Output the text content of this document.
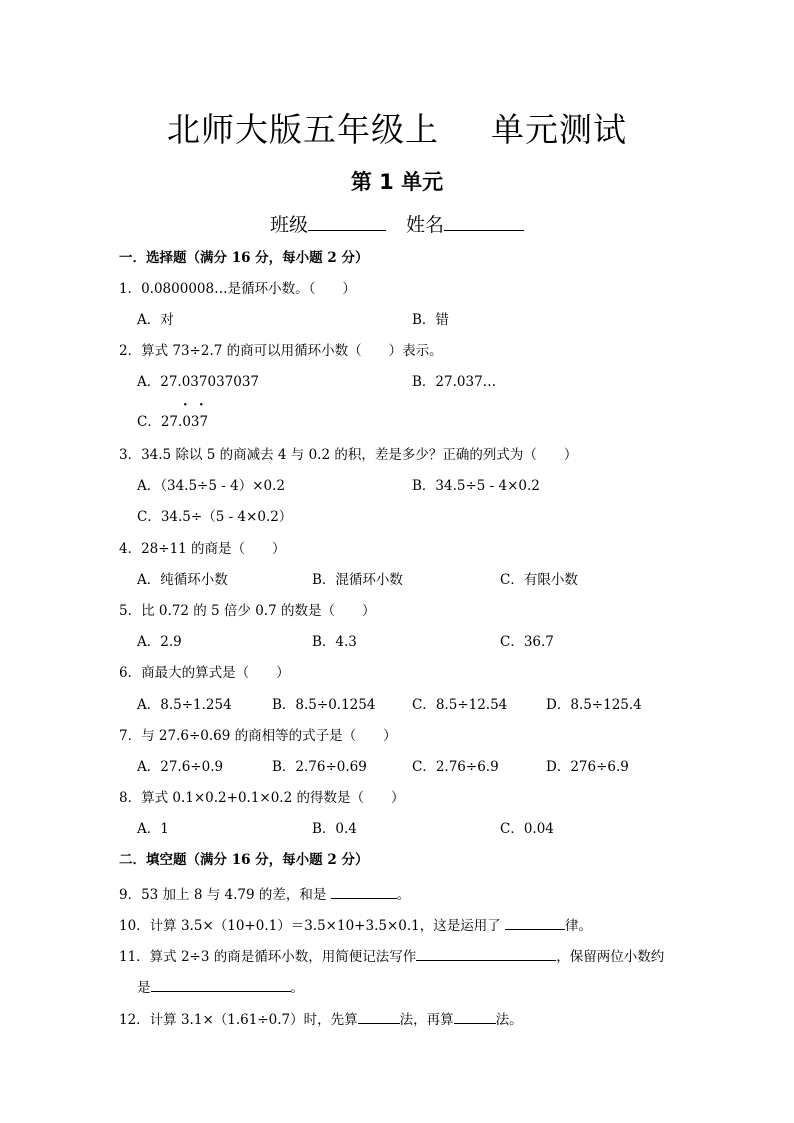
北师大版五年级上 单元测试
第 1 单元
班级	姓名
一．选择题（满分 16 分，每小题 2 分）
1．0.0800008…是循环小数。（　　）
A．对	B．错
2．算式 73÷2.7 的商可以用循环小数（　　）表示。
A．27.037037037	B．27.037…
· ·
C．27.037
3．34.5 除以 5 的商减去 4 与 0.2 的积，差是多少？正确的列式为（　　）
A．（34.5÷5 - 4）×0.2	B．34.5÷5 - 4×0.2
C．34.5÷（5 - 4×0.2）
4．28÷11 的商是（　　）
A．纯循环小数	B．混循环小数	C．有限小数
5．比 0.72 的 5 倍少 0.7 的数是（　　）
A．2.9	B．4.3	C．36.7
6．商最大的算式是（　　）
A．8.5÷1.254	B．8.5÷0.1254	C．8.5÷12.54	D．8.5÷125.4
7．与 27.6÷0.69 的商相等的式子是（　　）
A．27.6÷0.9	B．2.76÷0.69	C．2.76÷6.9	D．276÷6.9
8．算式 0.1×0.2+0.1×0.2 的得数是（　　）
A．1	B．0.4	C．0.04
二．填空题（满分 16 分，每小题 2 分）
9．53 加上 8 与 4.79 的差，和是	。
10．计算 3.5×（10+0.1）＝3.5×10+3.5×0.1，这是运用了	律。
11．算式 2÷3 的商是循环小数，用简便记法写作	，保留两位小数约
是	。
12．计算 3.1×（1.61÷0.7）时，先算	法，再算	法。
